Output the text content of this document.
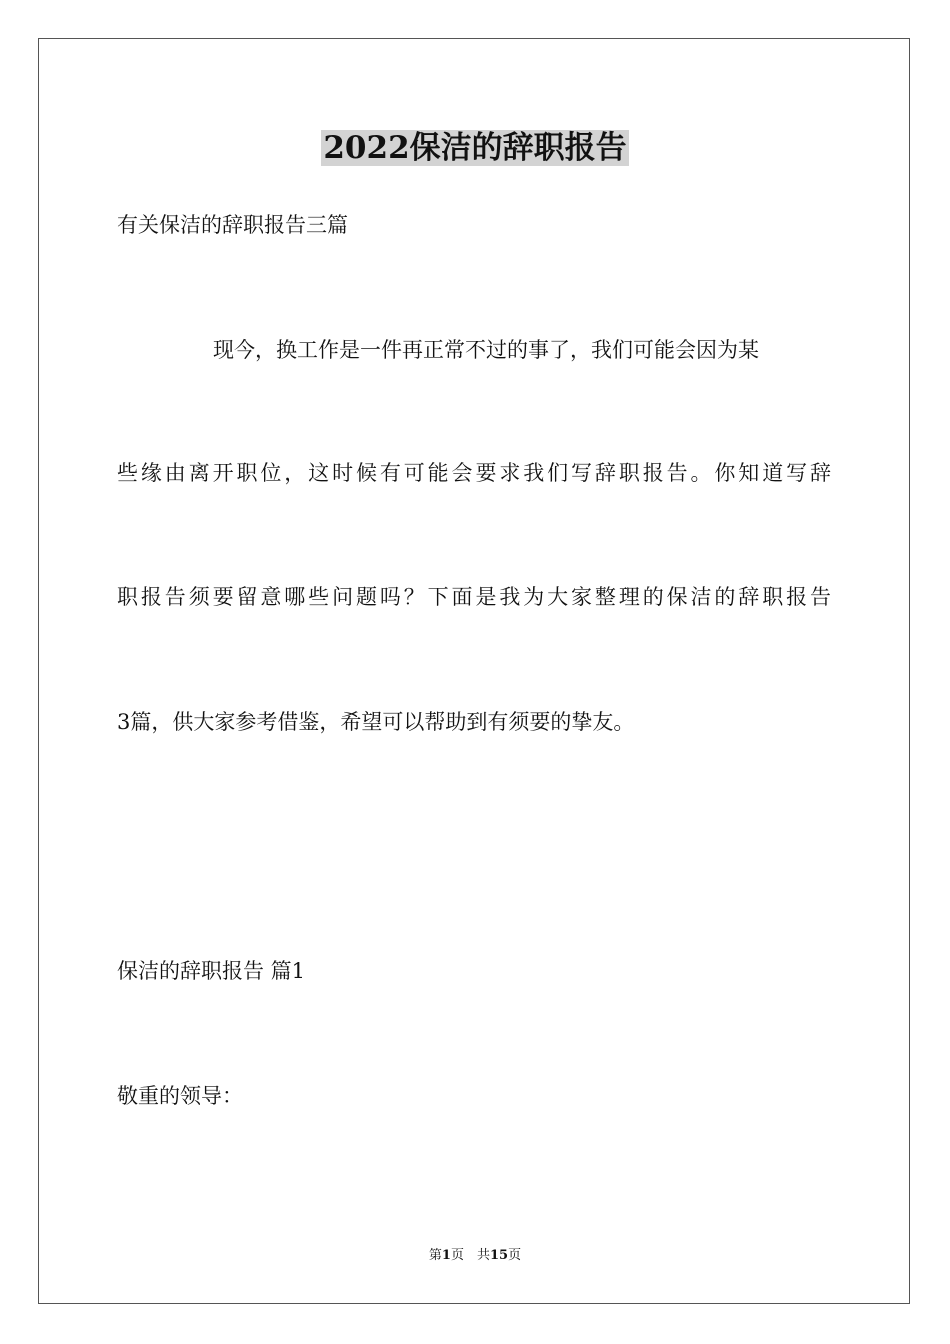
2022保洁的辞职报告
有关保洁的辞职报告三篇
现今，换工作是一件再正常不过的事了，我们可能会因为某
些缘由离开职位，这时候有可能会要求我们写辞职报告。你知道写辞
职报告须要留意哪些问题吗？下面是我为大家整理的保洁的辞职报告
3篇，供大家参考借鉴，希望可以帮助到有须要的挚友。
保洁的辞职报告 篇1
敬重的领导：
第1页　共15页
